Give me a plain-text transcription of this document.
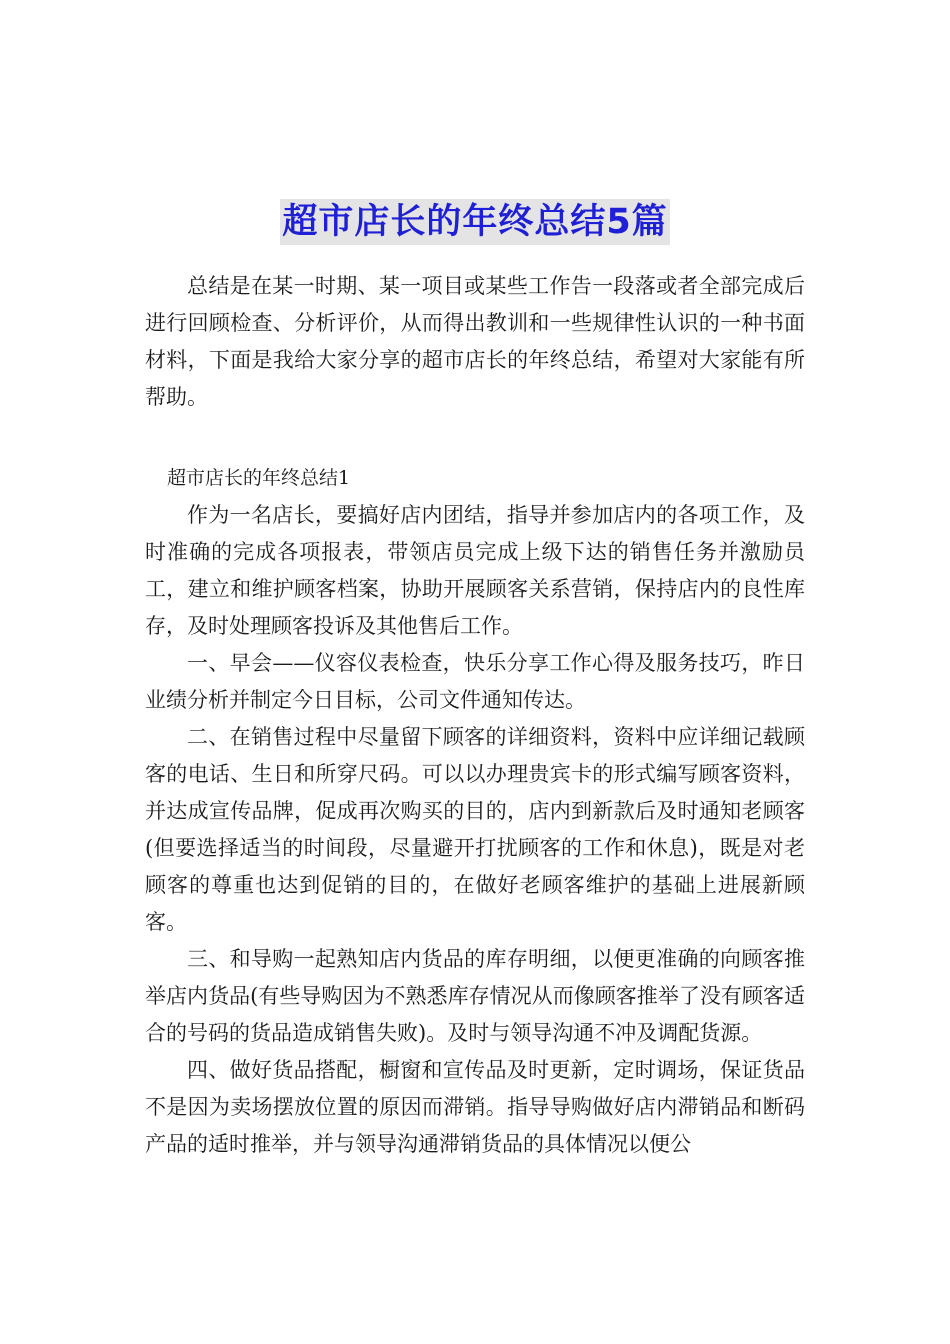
超市店长的年终总结5篇

总结是在某一时期、某一项目或某些工作告一段落或者全部完成后进行回顾检查、分析评价，从而得出教训和一些规律性认识的一种书面材料，下面是我给大家分享的超市店长的年终总结，希望对大家能有所帮助。

超市店长的年终总结1

作为一名店长，要搞好店内团结，指导并参加店内的各项工作，及时准确的完成各项报表，带领店员完成上级下达的销售任务并激励员工，建立和维护顾客档案，协助开展顾客关系营销，保持店内的良性库存，及时处理顾客投诉及其他售后工作。

一、早会——仪容仪表检查，快乐分享工作心得及服务技巧，昨日业绩分析并制定今日目标，公司文件通知传达。

二、在销售过程中尽量留下顾客的详细资料，资料中应详细记载顾客的电话、生日和所穿尺码。可以以办理贵宾卡的形式编写顾客资料，并达成宣传品牌，促成再次购买的目的，店内到新款后及时通知老顾客(但要选择适当的时间段，尽量避开打扰顾客的工作和休息)，既是对老顾客的尊重也达到促销的目的，在做好老顾客维护的基础上进展新顾客。

三、和导购一起熟知店内货品的库存明细，以便更准确的向顾客推举店内货品(有些导购因为不熟悉库存情况从而像顾客推举了没有顾客适合的号码的货品造成销售失败)。及时与领导沟通不冲及调配货源。

四、做好货品搭配，橱窗和宣传品及时更新，定时调场，保证货品不是因为卖场摆放位置的原因而滞销。指导导购做好店内滞销品和断码产品的适时推举，并与领导沟通滞销货品的具体情况以便公
